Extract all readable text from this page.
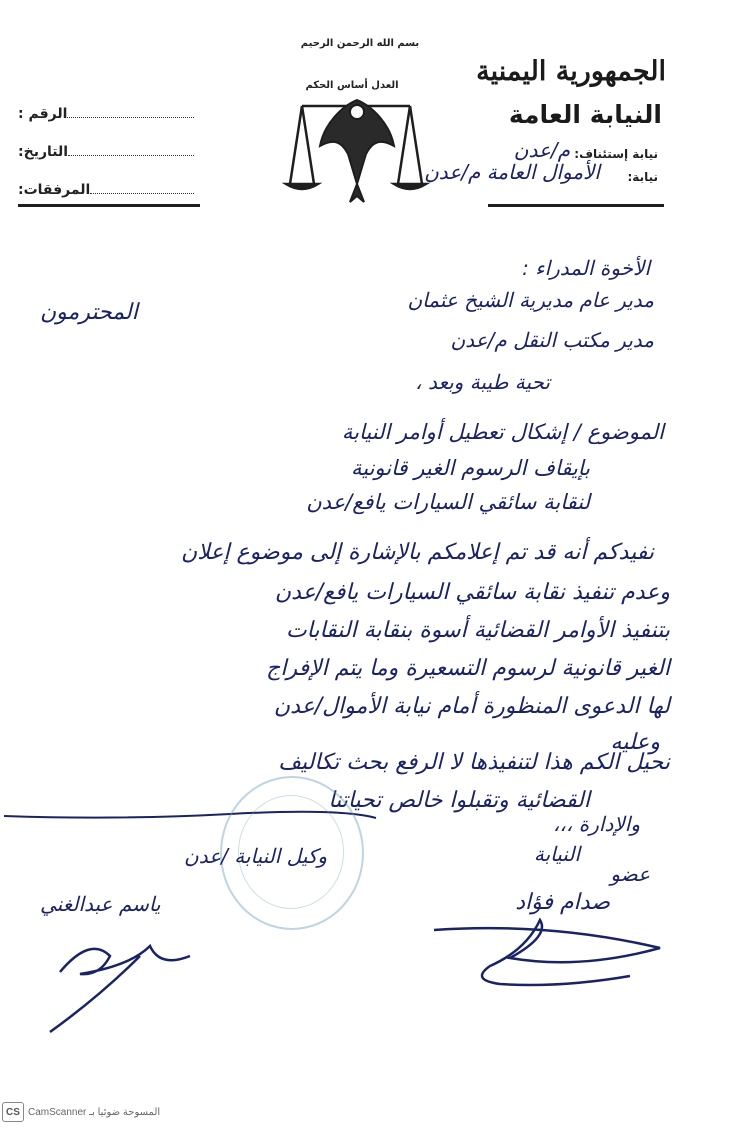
الجمهورية اليمنية
النيابة العامة
نيابة إستئناف:
م/عدن
نيابة:
الأموال العامة م/عدن
بسم الله الرحمن الرحيم
العدل أساس الحكم
الرقم :
التاريخ:
المرفقات:
الأخوة المدراء :
مدير عام مديرية الشيخ عثمان
مدير مكتب النقل م/عدن
المحترمون
تحية طيبة وبعد ،
الموضوع / إشكال تعطيل أوامر النيابة
بإيقاف الرسوم الغير قانونية
لنقابة سائقي السيارات يافع/عدن
نفيدكم أنه قد تم إعلامكم بالإشارة إلى موضوع إعلان
وعدم تنفيذ نقابة سائقي السيارات يافع/عدن
بتنفيذ الأوامر القضائية أسوة بنقابة النقابات
الغير قانونية لرسوم التسعيرة وما يتم الإفراج
لها الدعوى المنظورة أمام نيابة الأموال/عدن
وعليه
نحيل الكم هذا لتنفيذها لا الرفع بحث تكاليف
القضائية وتقبلوا خالص تحياتنا
والإدارة ،،،
النيابة
عضو
صدام فؤاد
وكيل النيابة /عدن
ياسم عبدالغني
CS CamScanner المسوحة ضوئيا بـ
